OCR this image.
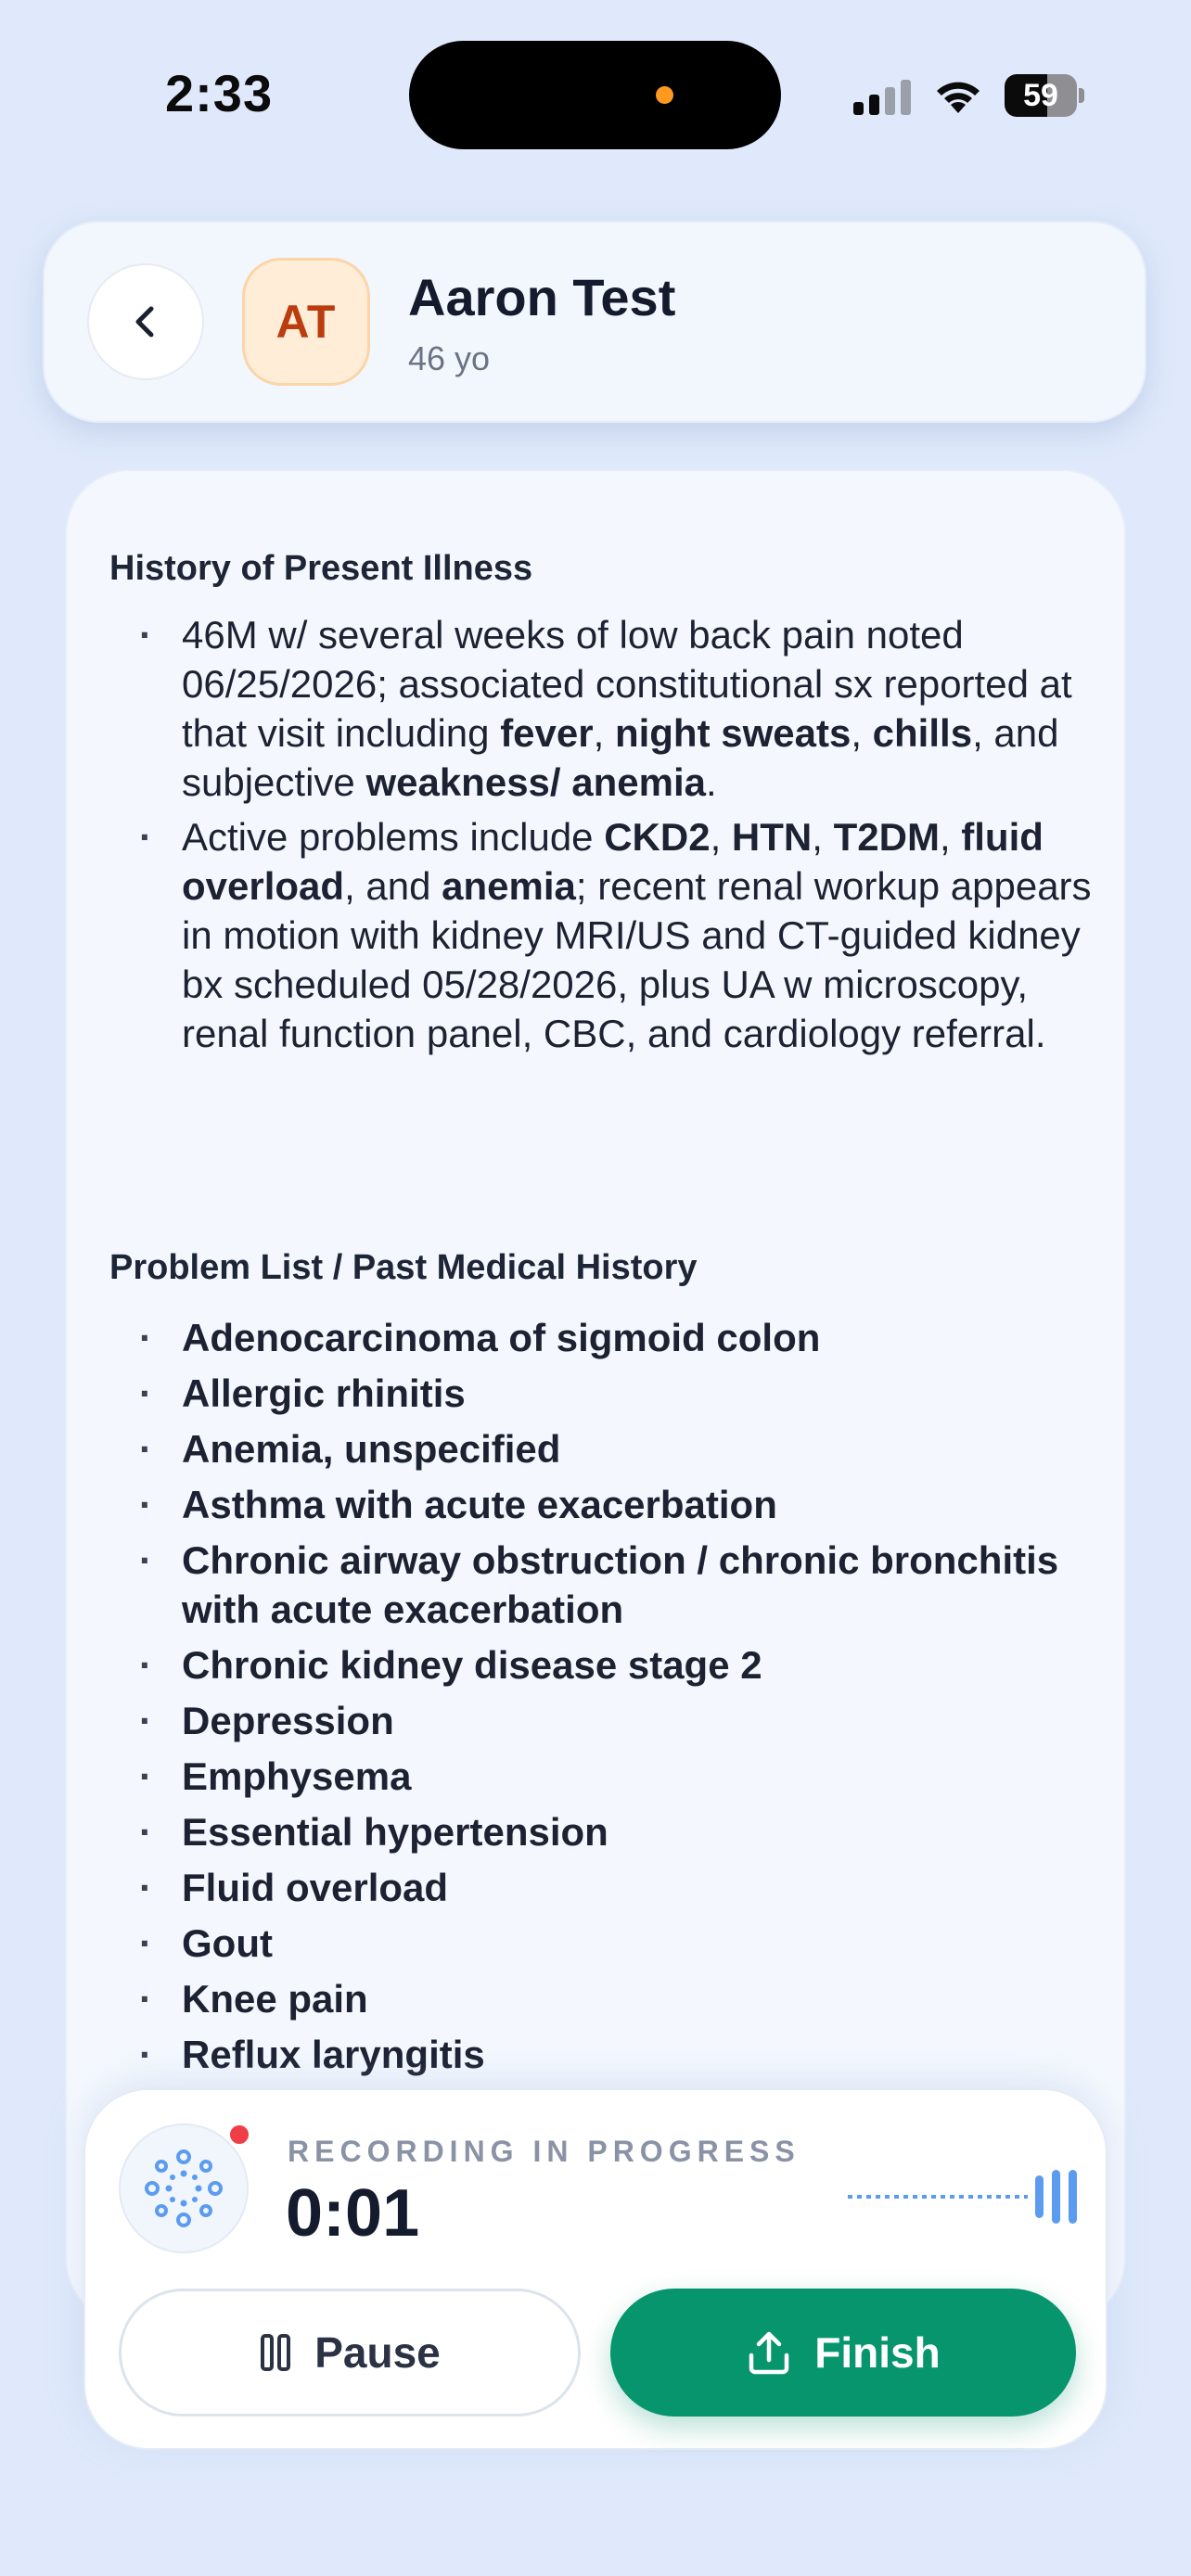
2:33	59
AT	Aaron Test
46 yo
History of Present Illness
· 46M w/ several weeks of low back pain noted 06/25/2026; associated constitutional sx reported at that visit including fever, night sweats, chills, and subjective weakness/ anemia.
· Active problems include CKD2, HTN, T2DM, fluid overload, and anemia; recent renal workup appears in motion with kidney MRI/US and CT-guided kidney bx scheduled 05/28/2026, plus UA w microscopy, renal function panel, CBC, and cardiology referral.
Problem List / Past Medical History
· Adenocarcinoma of sigmoid colon
· Allergic rhinitis
· Anemia, unspecified
· Asthma with acute exacerbation
· Chronic airway obstruction / chronic bronchitis with acute exacerbation
· Chronic kidney disease stage 2
· Depression
· Emphysema
· Essential hypertension
· Fluid overload
· Gout
· Knee pain
· Reflux laryngitis
·
RECORDING IN PROGRESS
0:01
Pause	Finish
